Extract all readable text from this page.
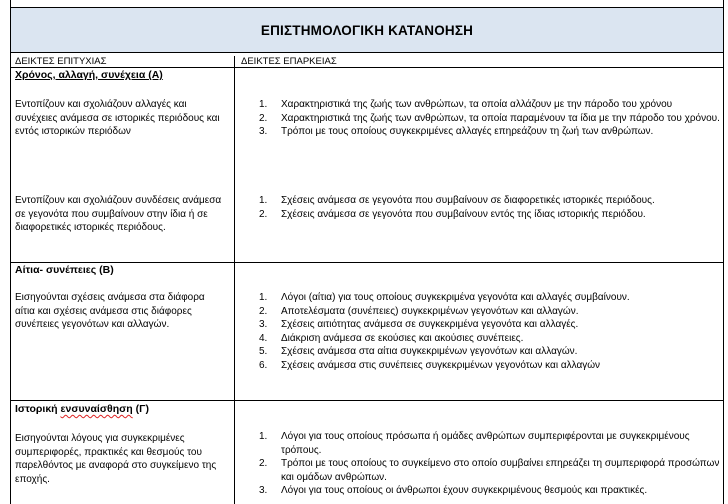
ΕΠΙΣΤΗΜΟΛΟΓΙΚΗ ΚΑΤΑΝΟΗΣΗ
ΔΕΙΚΤΕΣ ΕΠΙΤΥΧΙΑΣ	ΔΕΙΚΤΕΣ ΕΠΑΡΚΕΙΑΣ
Χρόνος, αλλαγή, συνέχεια (Α)
Εντοπίζουν και σχολιάζουν αλλαγές και συνέχειες ανάμεσα σε ιστορικές περιόδους και εντός ιστορικών περιόδων
Εντοπίζουν και σχολιάζουν συνδέσεις ανάμεσα σε γεγονότα που συμβαίνουν στην ίδια ή σε διαφορετικές ιστορικές περιόδους.
1. Χαρακτηριστικά της ζωής των ανθρώπων, τα οποία αλλάζουν με την πάροδο του χρόνου
2. Χαρακτηριστικά της ζωής των ανθρώπων, τα οποία παραμένουν τα ίδια με την πάροδο του χρόνου.
3. Τρόποι με τους οποίους συγκεκριμένες αλλαγές επηρεάζουν τη ζωή των ανθρώπων.
1. Σχέσεις ανάμεσα σε γεγονότα που συμβαίνουν σε διαφορετικές ιστορικές περιόδους.
2. Σχέσεις ανάμεσα σε γεγονότα που συμβαίνουν εντός της ίδιας ιστορικής περιόδου.
Αίτια- συνέπειες (Β)
Εισηγούνται σχέσεις ανάμεσα στα διάφορα αίτια και σχέσεις ανάμεσα στις διάφορες συνέπειες γεγονότων και αλλαγών.
1. Λόγοι (αίτια) για τους οποίους συγκεκριμένα γεγονότα και αλλαγές συμβαίνουν.
2. Αποτελέσματα (συνέπειες) συγκεκριμένων γεγονότων και αλλαγών.
3. Σχέσεις αιτιότητας ανάμεσα σε συγκεκριμένα γεγονότα και αλλαγές.
4. Διάκριση ανάμεσα σε εκούσιες και ακούσιες συνέπειες.
5. Σχέσεις ανάμεσα στα αίτια συγκεκριμένων γεγονότων και αλλαγών.
6. Σχέσεις ανάμεσα στις συνέπειες συγκεκριμένων γεγονότων και αλλαγών
Ιστορική ενσυναίσθηση (Γ)
Εισηγούνται λόγους για συγκεκριμένες συμπεριφορές, πρακτικές και θεσμούς του παρελθόντος με αναφορά στο συγκείμενο της εποχής.
1. Λόγοι για τους οποίους πρόσωπα ή ομάδες ανθρώπων συμπεριφέρονται με συγκεκριμένους τρόπους.
2. Τρόποι με τους οποίους το συγκείμενο στο οποίο συμβαίνει επηρεάζει τη συμπεριφορά προσώπων και ομάδων ανθρώπων.
3. Λόγοι για τους οποίους οι άνθρωποι έχουν συγκεκριμένους θεσμούς και πρακτικές.
